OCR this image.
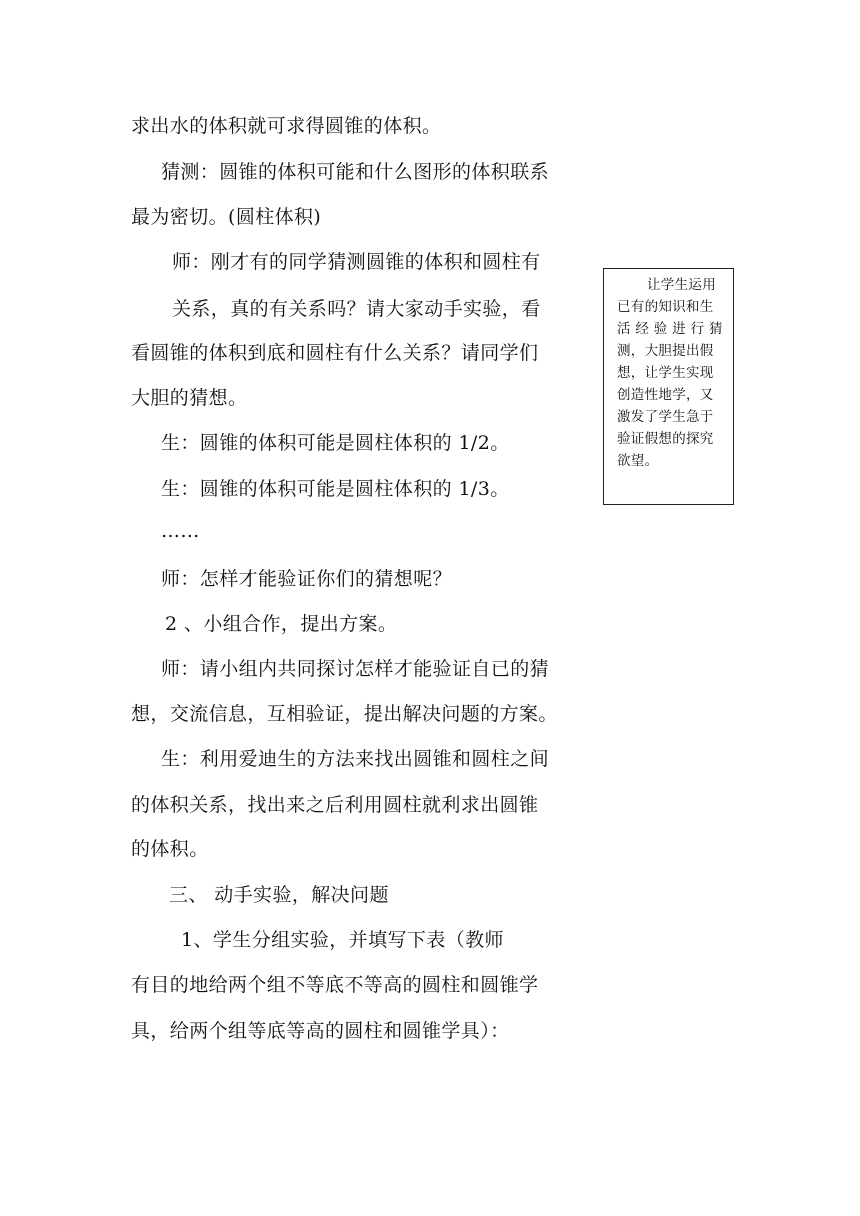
求出水的体积就可求得圆锥的体积。
猜测：圆锥的体积可能和什么图形的体积联系
最为密切。(圆柱体积)
师：刚才有的同学猜测圆锥的体积和圆柱有
关系，真的有关系吗？请大家动手实验，看
看圆锥的体积到底和圆柱有什么关系？请同学们
大胆的猜想。
生：圆锥的体积可能是圆柱体积的 1/2。
生：圆锥的体积可能是圆柱体积的 1/3。
……
师：怎样才能验证你们的猜想呢？
2 、小组合作，提出方案。
师：请小组内共同探讨怎样才能验证自已的猜
想，交流信息，互相验证，提出解决问题的方案。
生：利用爱迪生的方法来找出圆锥和圆柱之间
的体积关系，找出来之后利用圆柱就利求出圆锥
的体积。
三、 动手实验，解决问题
1、学生分组实验，并填写下表（教师
有目的地给两个组不等底不等高的圆柱和圆锥学
具，给两个组等底等高的圆柱和圆锥学具）：
让学生运用
已有的知识和生
活 经 验 进 行 猜
测，大胆提出假
想，让学生实现
创造性地学，又
激发了学生急于
验证假想的探究
欲望。
